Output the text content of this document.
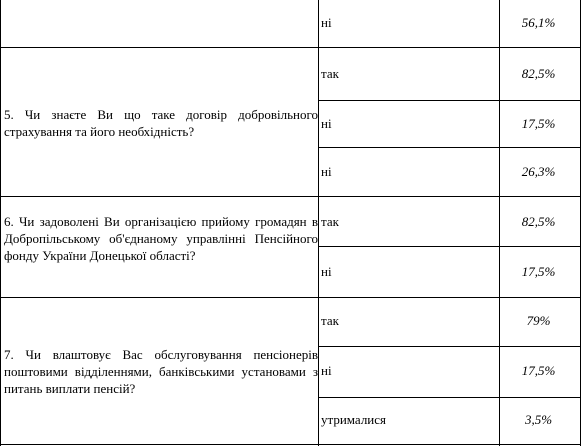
ні	56,1%
5. Чи знаєте Ви що таке договір добровільного страхування та його необхідність?
так	82,5%
ні	17,5%
ні	26,3%
6. Чи задоволені Ви організацією прийому громадян в Добропільському об'єднаному управлінні Пенсійного фонду України Донецької області?
так	82,5%
ні	17,5%
7. Чи влаштовує Вас обслуговування пенсіонерів поштовими відділеннями, банківськими установами з питань виплати пенсій?
так	79%
ні	17,5%
утрималися	3,5%
